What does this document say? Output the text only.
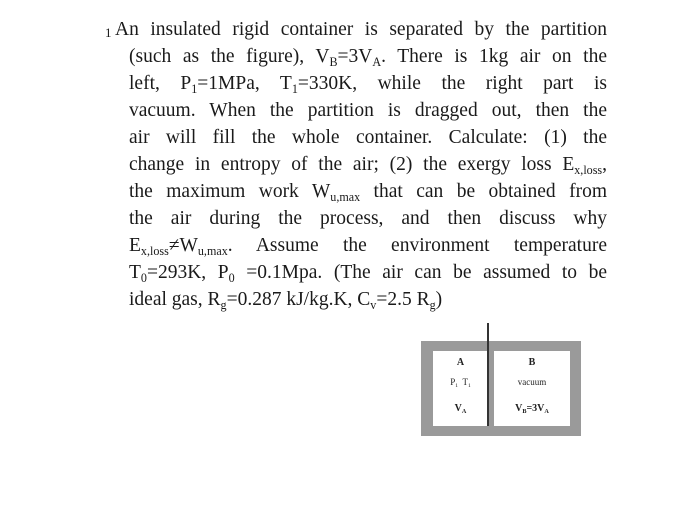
1 An insulated rigid container is separated by the partition
(such as the figure), $V_B=3V_A$. There is 1kg air on the
left, $P_1=1MPa$, $T_1=330K$, while the right part is
vacuum. When the partition is dragged out, then the
air will fill the whole container. Calculate: (1) the
change in entropy of the air; (2) the exergy loss $E_{x,loss}$,
the maximum work $W_{u,max}$ that can be obtained from
the air during the process, and then discuss why
$E_{x,loss}\ne W_{u,max}$. Assume the environment temperature
$T_0=293K$, $P_0 =0.1Mpa$. (The air can be assumed to be
ideal gas, $R_g=0.287$ kJ/kg.K, $C_v=2.5$ $R_g$)
A
$P_1$ $T_1$
$V_A$
B
vacuum
$V_B=3V_A$
